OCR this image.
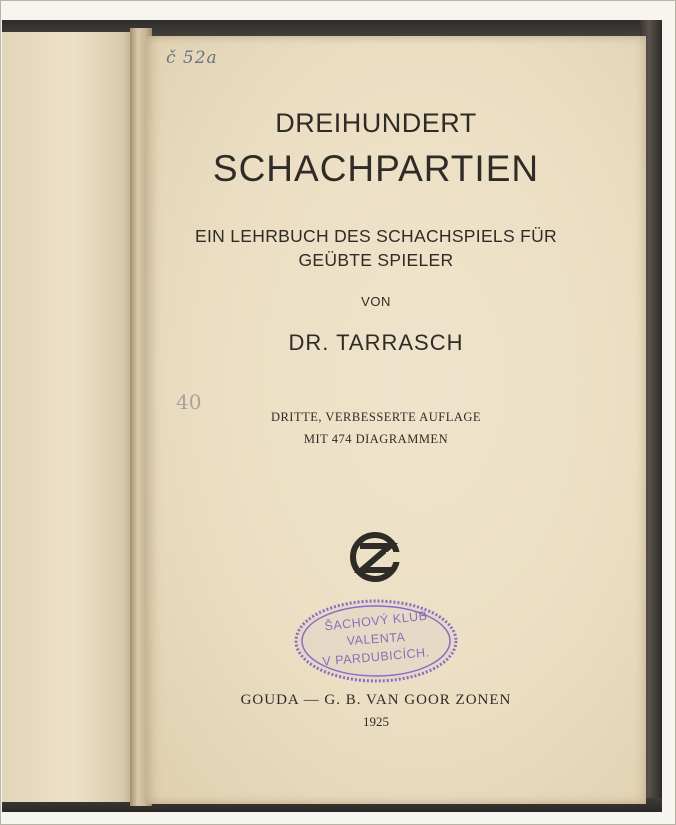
č 52a
40
DREIHUNDERT
SCHACHPARTIEN
EIN LEHRBUCH DES SCHACHSPIELS FÜR
GEÜBTE SPIELER
VON
DR. TARRASCH
DRITTE, VERBESSERTE AUFLAGE
MIT 474 DIAGRAMMEN
ŠACHOVÝ KLUB
VALENTA
V PARDUBICÍCH.
GOUDA — G. B. VAN GOOR ZONEN
1925
